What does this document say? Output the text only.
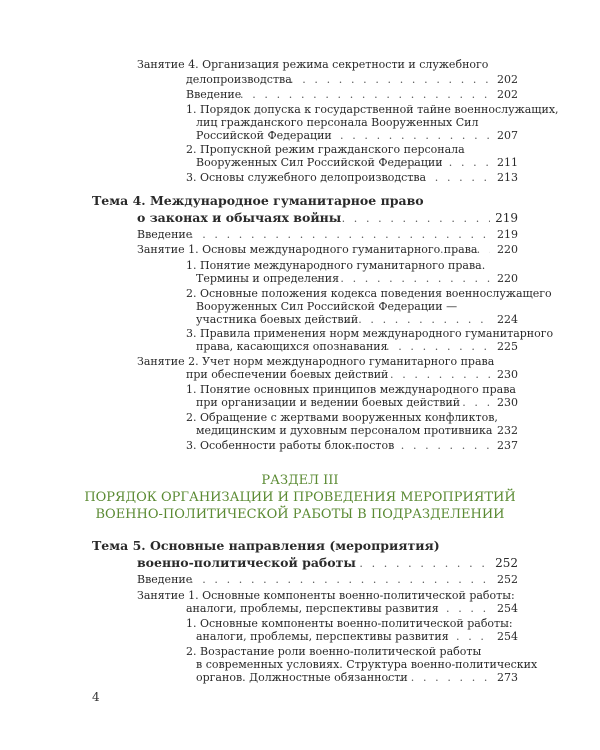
Занятие 4. Организация режима секретности и служебного
делопроизводства . . .	202
Введение . . .	202
1. Порядок допуска к государственной тайне военнослужащих,
лиц гражданского персонала Вооруженных Сил
Российской Федерации . . .	207
2. Пропускной режим гражданского персонала
Вооруженных Сил Российской Федерации . . .	211
3. Основы служебного делопроизводства . . .	213
Тема 4. Международное гуманитарное право
о законах и обычаях войны . . .	219
Введение . . .	219
Занятие 1. Основы международного гуманитарного права . . . 220
1. Понятие международного гуманитарного права.
Термины и определения . . .	220
2. Основные положения кодекса поведения военнослужащего
Вооруженных Сил Российской Федерации —
участника боевых действий . . .	224
3. Правила применения норм международного гуманитарного
права, касающихся опознавания . . .	225
Занятие 2. Учет норм международного гуманитарного права
при обеспечении боевых действий . . .	230
1. Понятие основных принципов международного права
при организации и ведении боевых действий . . .	230
2. Обращение с жертвами вооруженных конфликтов,
медицинским и духовным персоналом противника . . . 232
3. Особенности работы блок-постов . . .	237
РАЗДЕЛ III
ПОРЯДОК ОРГАНИЗАЦИИ И ПРОВЕДЕНИЯ МЕРОПРИЯТИЙ
ВОЕННО-ПОЛИТИЧЕСКОЙ РАБОТЫ В ПОДРАЗДЕЛЕНИИ
Тема 5. Основные направления (мероприятия)
военно-политической работы . . .	252
Введение . . .	252
Занятие 1. Основные компоненты военно-политической работы:
аналоги, проблемы, перспективы развития . . .	254
1. Основные компоненты военно-политической работы:
аналоги, проблемы, перспективы развития . . .	254
2. Возрастание роли военно-политической работы
в современных условиях. Структура военно-политических
органов. Должностные обязанности . . .	273
4
